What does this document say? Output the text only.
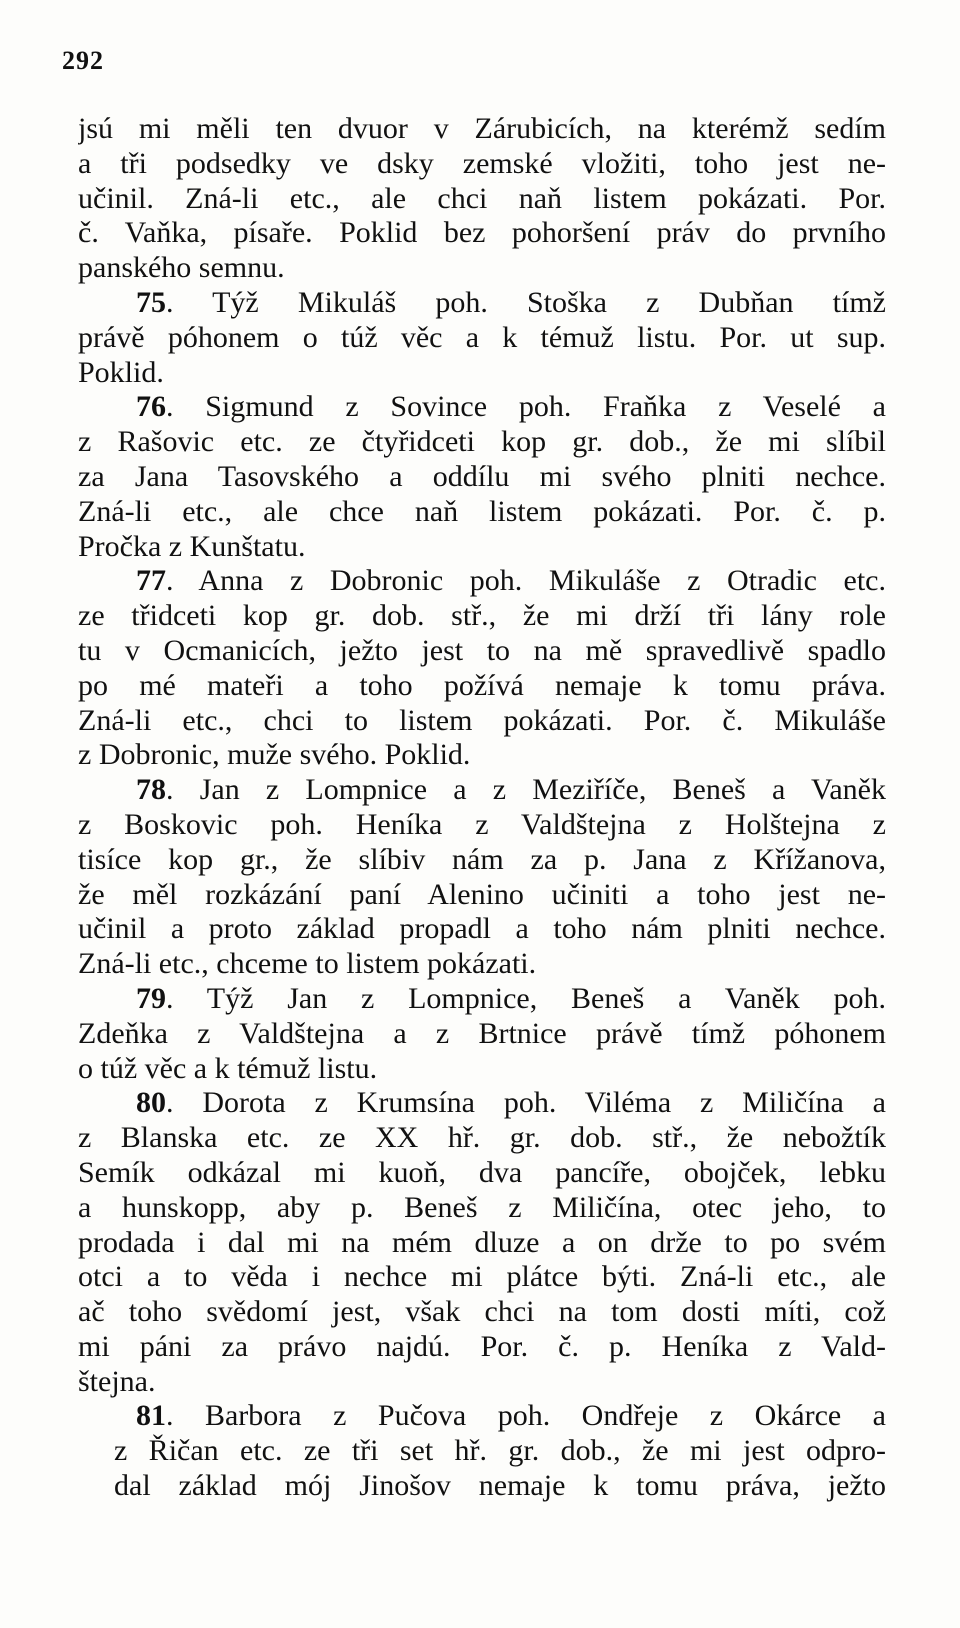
292
jsú mi měli ten dvuor v Zárubicích, na kterémž sedím
a tři podsedky ve dsky zemské vložiti, toho jest ne-
učinil. Zná-li etc., ale chci naň listem pokázati. Por.
č. Vaňka, písaře. Poklid bez pohoršení práv do prvního
panského semnu.
75. Týž Mikuláš poh. Stoška z Dubňan tímž
právě póhonem o túž věc a k témuž listu. Por. ut sup.
Poklid.
76. Sigmund z Sovince poh. Fraňka z Veselé a
z Rašovic etc. ze čtyřidceti kop gr. dob., že mi slíbil
za Jana Tasovského a oddílu mi svého plniti nechce.
Zná-li etc., ale chce naň listem pokázati. Por. č. p.
Pročka z Kunštatu.
77. Anna z Dobronic poh. Mikuláše z Otradic etc.
ze třidceti kop gr. dob. stř., že mi drží tři lány role
tu v Ocmanicích, ježto jest to na mě spravedlivě spadlo
po mé mateři a toho požívá nemaje k tomu práva.
Zná-li etc., chci to listem pokázati. Por. č. Mikuláše
z Dobronic, muže svého. Poklid.
78. Jan z Lompnice a z Meziříče, Beneš a Vaněk
z Boskovic poh. Heníka z Valdštejna z Holštejna z
tisíce kop gr., že slíbiv nám za p. Jana z Křížanova,
že měl rozkázání paní Alenino učiniti a toho jest ne-
učinil a proto základ propadl a toho nám plniti nechce.
Zná-li etc., chceme to listem pokázati.
79. Týž Jan z Lompnice, Beneš a Vaněk poh.
Zdeňka z Valdštejna a z Brtnice právě tímž póhonem
o túž věc a k témuž listu.
80. Dorota z Krumsína poh. Viléma z Miličína a
z Blanska etc. ze XX hř. gr. dob. stř., že nebožtík
Semík odkázal mi kuoň, dva pancíře, obojček, lebku
a hunskopp, aby p. Beneš z Miličína, otec jeho, to
prodada i dal mi na mém dluze a on drže to po svém
otci a to věda i nechce mi plátce býti. Zná-li etc., ale
ač toho svědomí jest, však chci na tom dosti míti, což
mi páni za právo najdú. Por. č. p. Heníka z Vald-
štejna.
81. Barbora z Pučova poh. Ondřeje z Okárce a
z Řičan etc. ze tři set hř. gr. dob., že mi jest odpro-
dal základ mój Jinošov nemaje k tomu práva, ježto
